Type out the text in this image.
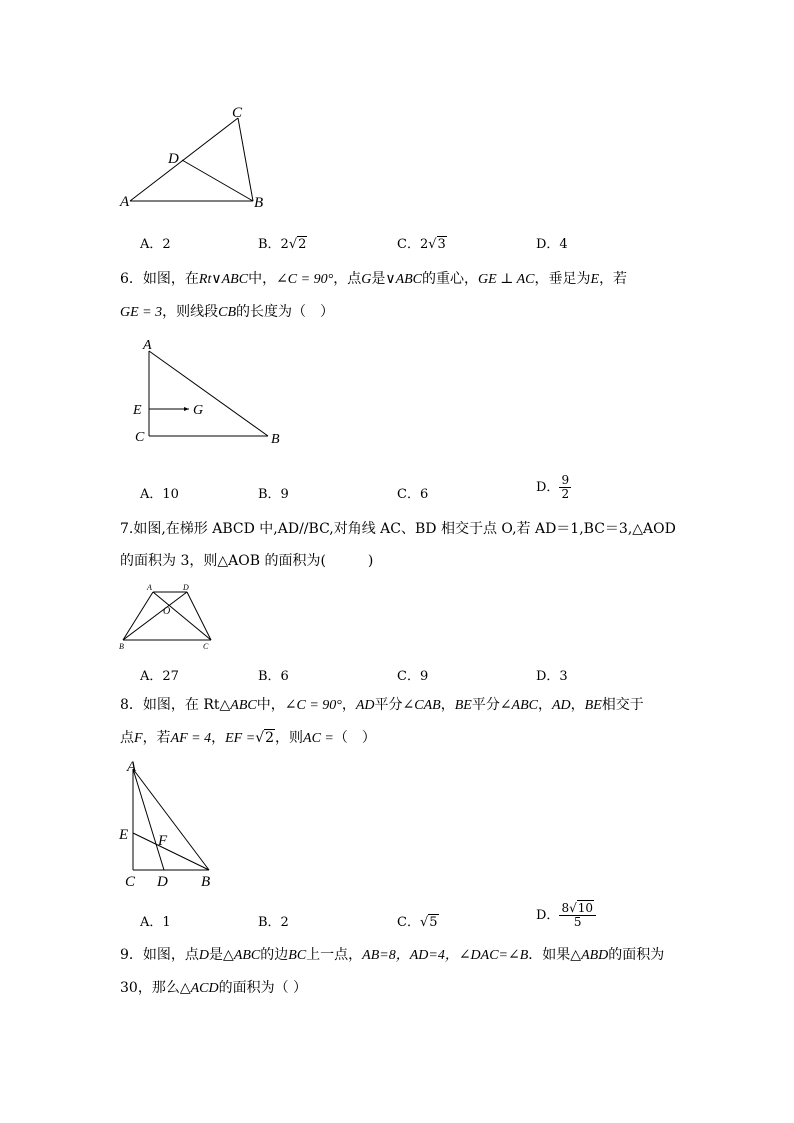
A	B
C
D
A．2	B．2√2	C．2√3	D．4
6．如图，在Rt∨ABC中，∠C = 90°，点G是∨ABC的重心，GE ⊥ AC，垂足为E，若
GE = 3，则线段CB的长度为（　）
A
E	G
C	B
A．10	B．9	C．6	D． $\frac{9}{2}$
7.如图,在梯形 ABCD 中,AD//BC,对角线 AC、BD 相交于点 O,若 AD＝1,BC＝3,△AOD
的面积为 3，则△AOB 的面积为(　　　)
A	D
O
B	C
A．27	B．6	C．9	D．3
8．如图，在 Rt△ABC中，∠C = 90°，AD平分∠CAB，BE平分∠ABC，AD，BE相交于
点F，若AF = 4，EF =√2，则AC =（　）
A
E F
C D B
A．1	B．2	C．√5	D． $\frac{8√10}{5}$
9．如图，点D是△ABC的边BC上一点，AB=8，AD=4，∠DAC=∠B．如果△ABD的面积为
30，那么△ACD的面积为（ ）
